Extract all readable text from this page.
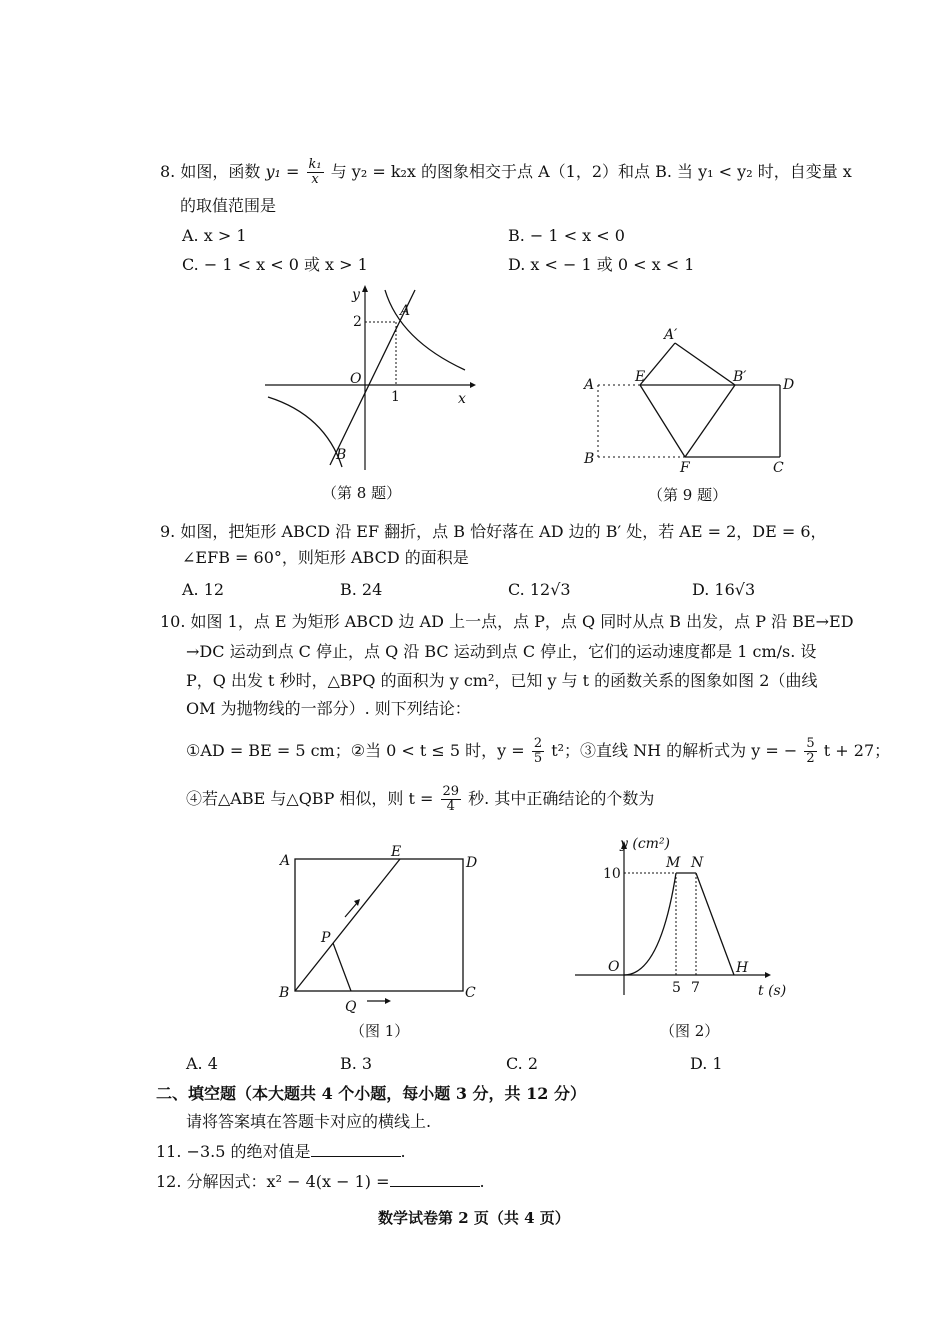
8. 如图，函数 $y_1 = \frac{\text{k₁}}{x}$ 与 y₂ = k₂x 的图象相交于点 A（1，2）和点 B. 当 y₁ < y₂ 时，自变量 x
的取值范围是
A. x > 1	B. − 1 < x < 0
C. − 1 < x < 0 或 x > 1	D. x < − 1 或 0 < x < 1
y
x
O
2
1
A
B
（第 8 题）
A
A′
E	B′	D
B
F	C
（第 9 题）
9. 如图，把矩形 ABCD 沿 EF 翻折，点 B 恰好落在 AD 边的 B′ 处，若 AE = 2，DE = 6，
∠EFB = 60°，则矩形 ABCD 的面积是
A. 12	B. 24	C. 12√3	D. 16√3
10. 如图 1，点 E 为矩形 ABCD 边 AD 上一点，点 P，点 Q 同时从点 B 出发，点 P 沿 BE→ED
→DC 运动到点 C 停止，点 Q 沿 BC 运动到点 C 停止，它们的运动速度都是 1 cm/s. 设
P，Q 出发 t 秒时，△BPQ 的面积为 y cm²，已知 y 与 t 的函数关系的图象如图 2（曲线
OM 为抛物线的一部分）. 则下列结论：
①AD = BE = 5 cm；②当 0 < t ≤ 5 时，$y = \frac{2}{5} t^2$；③直线 NH 的解析式为 y = − $\frac{5}{2}$ t + 27；
④若△ABE 与△QBP 相似，则 $t = \frac{29}{4}$ 秒. 其中正确结论的个数为
A
E
D
P
B
Q
C
（图 1）
y (cm²)
10
M N
O	H
5 7	t (s)
（图 2）
A. 4	B. 3	C. 2	D. 1
二、填空题（本大题共 4 个小题，每小题 3 分，共 12 分）
请将答案填在答题卡对应的横线上.
11. −3.5 的绝对值是	.
12. 分解因式：x² − 4(x − 1) =	.
数学试卷第 2 页（共 4 页）
